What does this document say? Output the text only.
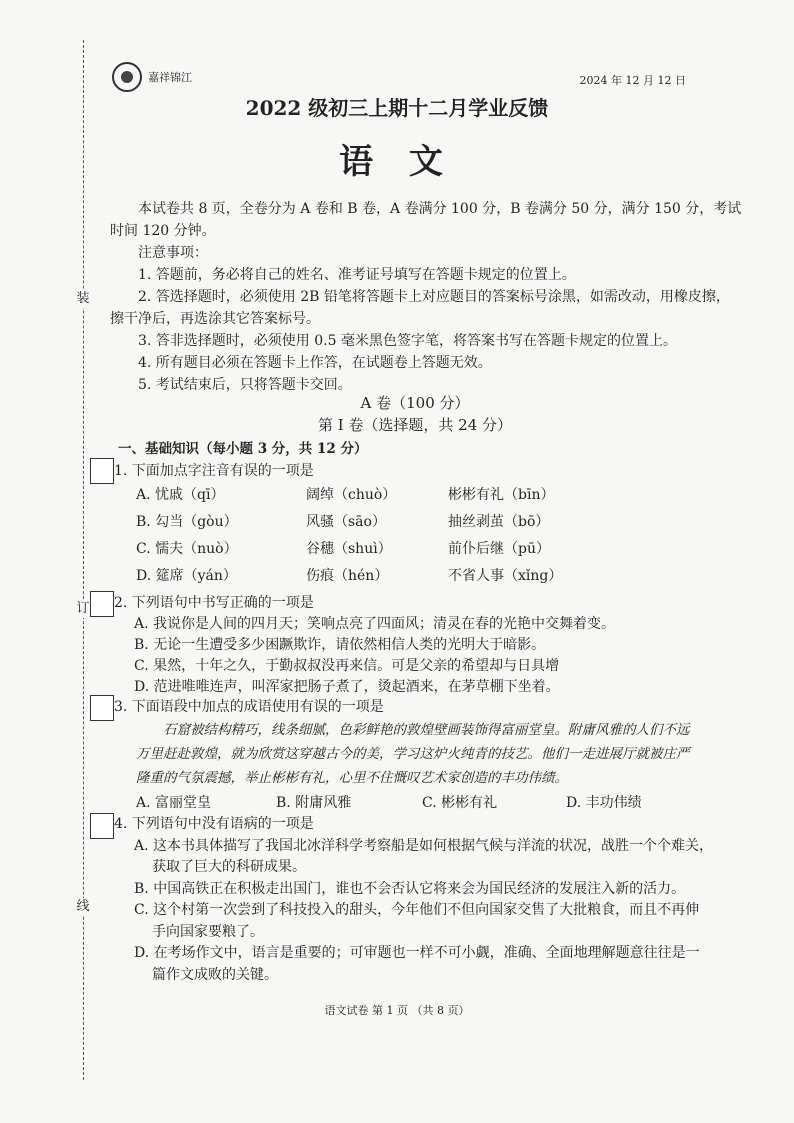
装
订
线
嘉祥锦江	2024 年 12 月 12 日
2022 级初三上期十二月学业反馈
语 文
本试卷共 8 页，全卷分为 A 卷和 B 卷，A 卷满分 100 分，B 卷满分 50 分，满分 150 分，考试
时间 120 分钟。
注意事项：
1. 答题前，务必将自己的姓名、准考证号填写在答题卡规定的位置上。
2. 答选择题时，必须使用 2B 铅笔将答题卡上对应题目的答案标号涂黑，如需改动，用橡皮擦，
擦干净后，再选涂其它答案标号。
3. 答非选择题时，必须使用 0.5 毫米黑色签字笔，将答案书写在答题卡规定的位置上。
4. 所有题目必须在答题卡上作答，在试题卷上答题无效。
5. 考试结束后，只将答题卡交回。
A 卷（100 分）
第 I 卷（选择题，共 24 分）
一、基础知识（每小题 3 分，共 12 分）
1. 下面加点字注音有误的一项是
A. 忧戚（qī）	阔绰（chuò）	彬彬有礼（bīn）
B. 勾当（gòu）	风骚（sāo）	抽丝剥茧（bō）
C. 懦夫（nuò）	谷穗（shuì）	前仆后继（pū）
D. 筵席（yán）	伤痕（hén）	不省人事（xǐng）
2. 下列语句中书写正确的一项是
A. 我说你是人间的四月天；笑响点亮了四面风；清灵在春的光艳中交舞着变。
B. 无论一生遭受多少困蹶欺诈，请依然相信人类的光明大于暗影。
C. 果然，十年之久，于勤叔叔没再来信。可是父亲的希望却与日具增
D. 范进唯唯连声，叫浑家把肠子煮了，烫起酒来，在茅草棚下坐着。
3. 下面语段中加点的成语使用有误的一项是
石窟被结构精巧，线条细腻，色彩鲜艳的敦煌壁画装饰得富丽堂皇。附庸风雅的人们不远
万里赶赴敦煌，就为欣赏这穿越古今的美，学习这炉火纯青的技艺。他们一走进展厅就被庄严
隆重的气氛震撼，举止彬彬有礼，心里不住慨叹艺术家创造的丰功伟绩。
A. 富丽堂皇	B. 附庸风雅	C. 彬彬有礼	D. 丰功伟绩
4. 下列语句中没有语病的一项是
A. 这本书具体描写了我国北冰洋科学考察船是如何根据气候与洋流的状况，战胜一个个难关，
获取了巨大的科研成果。
B. 中国高铁正在积极走出国门，谁也不会否认它将来会为国民经济的发展注入新的活力。
C. 这个村第一次尝到了科技投入的甜头，今年他们不但向国家交售了大批粮食，而且不再伸
手向国家要粮了。
D. 在考场作文中，语言是重要的；可审题也一样不可小觑，准确、全面地理解题意往往是一
篇作文成败的关键。
语文试卷 第 1 页 （共 8 页）
